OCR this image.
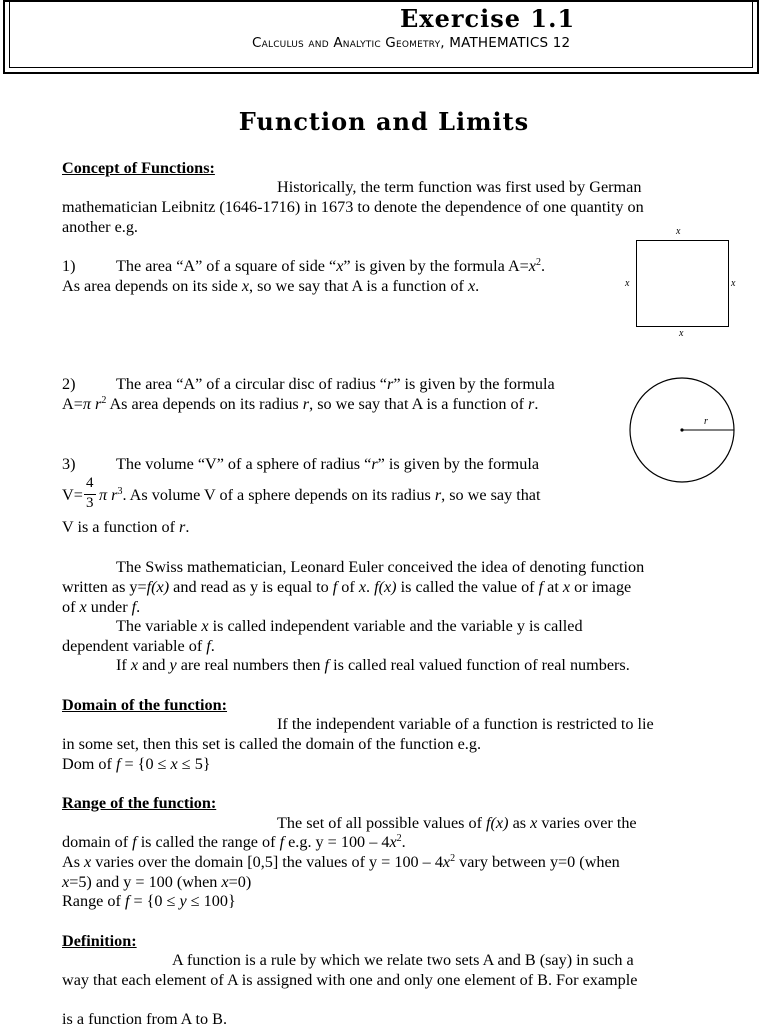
Exercise 1.1
Calculus and Analytic Geometry, MATHEMATICS 12
Function and Limits
Concept of Functions:
Historically, the term function was first used by German
mathematician Leibnitz (1646-1716) in 1673 to denote the dependence of one quantity on
another e.g.
1)	The area “A” of a square of side “x” is given by the formula $A=x^2$.
As area depends on its side x, so we say that A is a function of x.
x
x	x
x
2)	The area “A” of a circular disc of radius “r” is given by the formula
A=π $r^2$ As area depends on its radius r, so we say that A is a function of r.
r
3)	The volume “V” of a sphere of radius “r” is given by the formula
4
3
V= π $r^3$. As volume V of a sphere depends on its radius r, so we say that
V is a function of r.
The Swiss mathematician, Leonard Euler conceived the idea of denoting function
written as y=f(x) and read as y is equal to f of x. f(x) is called the value of f at x or image
of x under f.
The variable x is called independent variable and the variable y is called
dependent variable of f.
If x and y are real numbers then f is called real valued function of real numbers.
Domain of the function:
If the independent variable of a function is restricted to lie
in some set, then this set is called the domain of the function e.g.
Dom of f = {0 ≤ x ≤ 5}
Range of the function:
The set of all possible values of f(x) as x varies over the
domain of f is called the range of f e.g. $y = 100 - 4x^2$.
As x varies over the domain [0,5] the values of $y = 100 - 4x^2$ vary between y=0 (when
x=5) and y = 100 (when x=0)
Range of f = {0 ≤ y ≤ 100}
Definition:
A function is a rule by which we relate two sets A and B (say) in such a
way that each element of A is assigned with one and only one element of B. For example
is a function from A to B.
